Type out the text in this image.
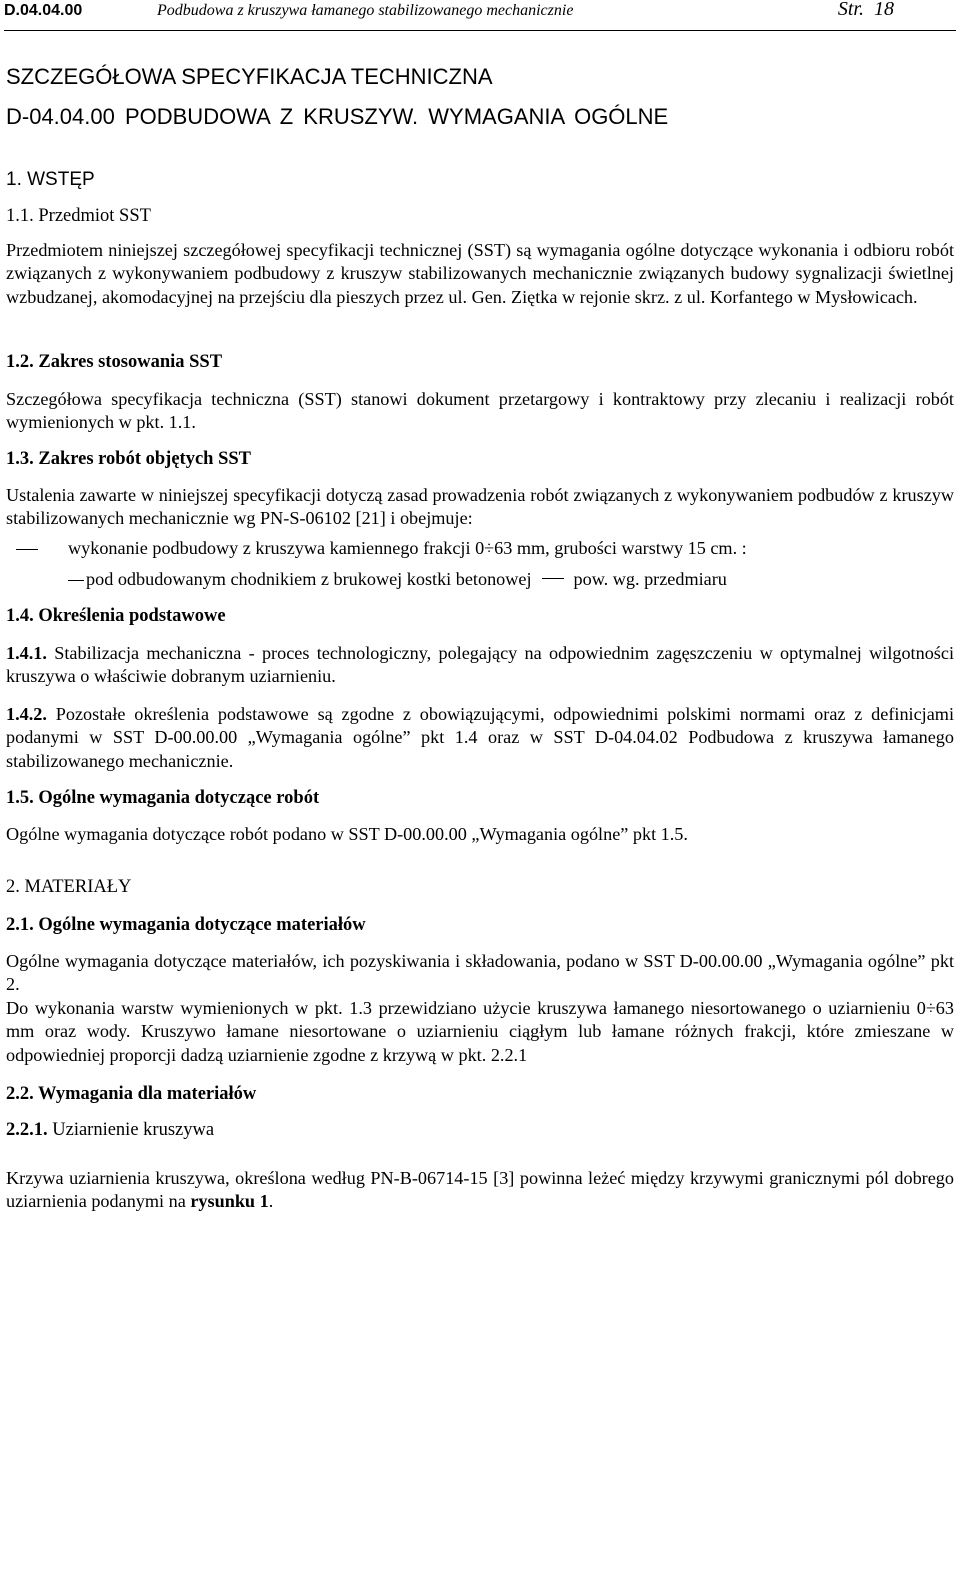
D.04.04.00	Podbudowa z kruszywa łamanego stabilizowanego mechanicznie	Str. 18
SZCZEGÓŁOWA SPECYFIKACJA TECHNICZNA
D-04.04.00 PODBUDOWA Z KRUSZYW. WYMAGANIA OGÓLNE
1. WSTĘP
1.1. Przedmiot SST
Przedmiotem niniejszej szczegółowej specyfikacji technicznej (SST) są wymagania ogólne dotyczące wykonania i odbioru robót związanych z wykonywaniem podbudowy z kruszyw stabilizowanych mechanicznie związanych budowy sygnalizacji świetlnej wzbudzanej, akomodacyjnej na przejściu dla pieszych przez ul. Gen. Ziętka w rejonie skrz. z ul. Korfantego w Mysłowicach.
1.2. Zakres stosowania SST
Szczegółowa specyfikacja techniczna (SST) stanowi dokument przetargowy i kontraktowy przy zlecaniu i realizacji robót wymienionych w pkt. 1.1.
1.3. Zakres robót objętych SST
Ustalenia zawarte w niniejszej specyfikacji dotyczą zasad prowadzenia robót związanych z wykonywaniem podbudów z kruszyw stabilizowanych mechanicznie wg PN-S-06102 [21] i obejmuje:
wykonanie podbudowy z kruszywa kamiennego frakcji 0÷63 mm, grubości warstwy 15 cm. :
pod odbudowanym chodnikiem z brukowej kostki betonowej pow. wg. przedmiaru
1.4. Określenia podstawowe
1.4.1. Stabilizacja mechaniczna - proces technologiczny, polegający na odpowiednim zagęszczeniu w optymalnej wilgotności kruszywa o właściwie dobranym uziarnieniu.
1.4.2. Pozostałe określenia podstawowe są zgodne z obowiązującymi, odpowiednimi polskimi normami oraz z definicjami podanymi w SST D-00.00.00 „Wymagania ogólne” pkt 1.4 oraz w SST D-04.04.02 Podbudowa z kruszywa łamanego stabilizowanego mechanicznie.
1.5. Ogólne wymagania dotyczące robót
Ogólne wymagania dotyczące robót podano w SST D-00.00.00 „Wymagania ogólne” pkt 1.5.
2. MATERIAŁY
2.1. Ogólne wymagania dotyczące materiałów
Ogólne wymagania dotyczące materiałów, ich pozyskiwania i składowania, podano w SST D-00.00.00 „Wymagania ogólne” pkt 2.
Do wykonania warstw wymienionych w pkt. 1.3 przewidziano użycie kruszywa łamanego niesortowanego o uziarnieniu 0÷63 mm oraz wody. Kruszywo łamane niesortowane o uziarnieniu ciągłym lub łamane różnych frakcji, które zmieszane w odpowiedniej proporcji dadzą uziarnienie zgodne z krzywą w pkt. 2.2.1
2.2. Wymagania dla materiałów
2.2.1. Uziarnienie kruszywa
Krzywa uziarnienia kruszywa, określona według PN-B-06714-15 [3] powinna leżeć między krzywymi granicznymi pól dobrego uziarnienia podanymi na rysunku 1.
